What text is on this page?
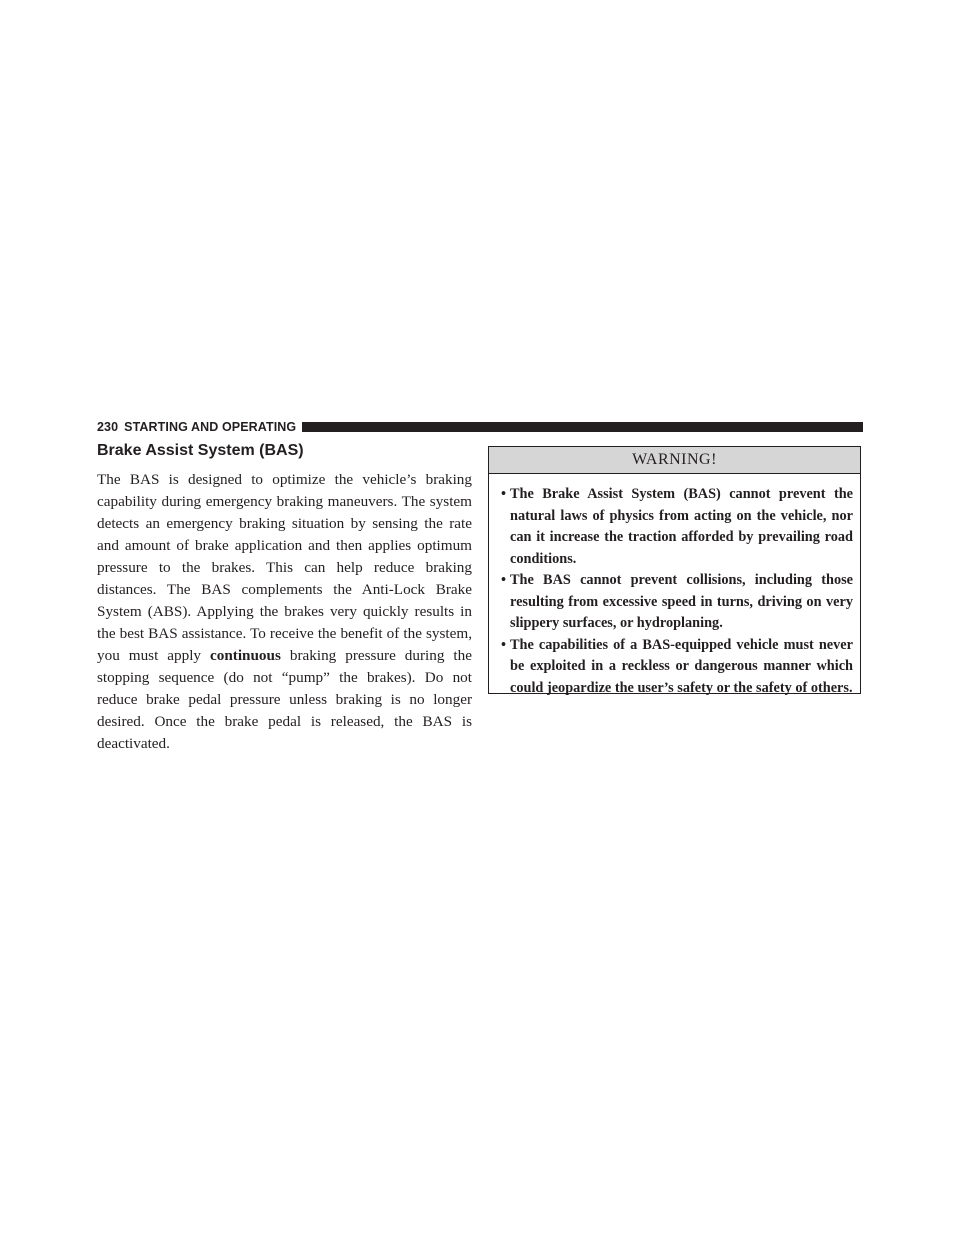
230 STARTING AND OPERATING
Brake Assist System (BAS)

The BAS is designed to optimize the vehicle’s braking capability during emergency braking maneuvers. The system detects an emergency braking situation by sensing the rate and amount of brake application and then applies optimum pressure to the brakes. This can help reduce braking distances. The BAS complements the Anti-Lock Brake System (ABS). Applying the brakes very quickly results in the best BAS assistance. To receive the benefit of the system, you must apply continuous braking pressure during the stopping sequence (do not “pump” the brakes). Do not reduce brake pedal pressure unless braking is no longer desired. Once the brake pedal is released, the BAS is deactivated.

WARNING!
• The Brake Assist System (BAS) cannot prevent the natural laws of physics from acting on the vehicle, nor can it increase the traction afforded by prevailing road conditions.
• The BAS cannot prevent collisions, including those resulting from excessive speed in turns, driving on very slippery surfaces, or hydroplaning.
• The capabilities of a BAS-equipped vehicle must never be exploited in a reckless or dangerous manner which could jeopardize the user’s safety or the safety of others.
